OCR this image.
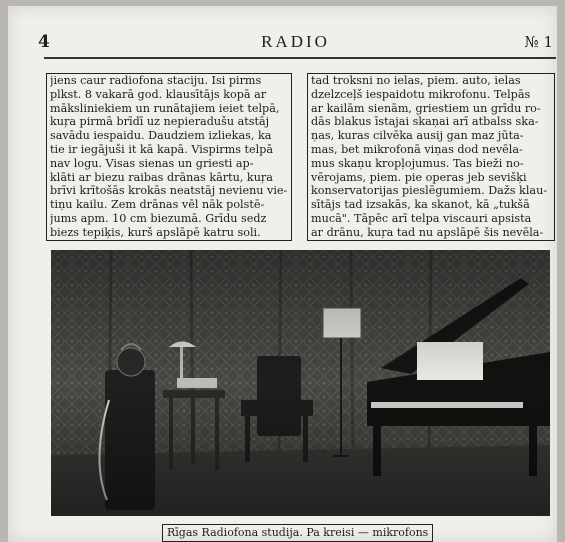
4	RADIO	№ 1
jiens caur radiofona staciju. Isi pirms
plkst. 8 vakarā god. klausītājs kopā ar
māksliniekiem un runātajiem ieiet telpā,
kuŗa pirmā brīdī uz nepieradušu atstāj
savādu iespaidu. Daudziem izliekas, ka
tie ir iegājuši it kā kapā. Vispirms telpā
nav logu. Visas sienas un griesti ap-
klāti ar biezu raibas drānas kārtu, kuŗa
brīvi krītošās krokās neatstāj nevienu vie-
tiņu kailu. Zem drānas vēl nāk polstē-
jums apm. 10 cm biezumā. Grīdu sedz
biezs tepiķis, kurš apslāpē katru soli.
tad troksni no ielas, piem. auto, ielas
dzelzceļš iespaidotu mikrofonu. Telpās
ar kailām sienām, griestiem un grīdu ro-
dās blakus īstajai skaņai arī atbalss ska-
ņas, kuras cilvēka ausij gan maz jūta-
mas, bet mikrofonā viņas dod nevēla-
mus skaņu kropļojumus. Tas bieži no-
vērojams, piem. pie operas jeb sevišķi
konservatorijas pieslēgumiem. Dažs klau-
sītājs tad izsakās, ka skanot, kā „tukšā
mucā". Tāpēc arī telpa viscauri apsista
ar drānu, kuŗa tad nu apslāpē šis nevēla-
Rīgas Radiofona studija. Pa kreisi — mikrofons
